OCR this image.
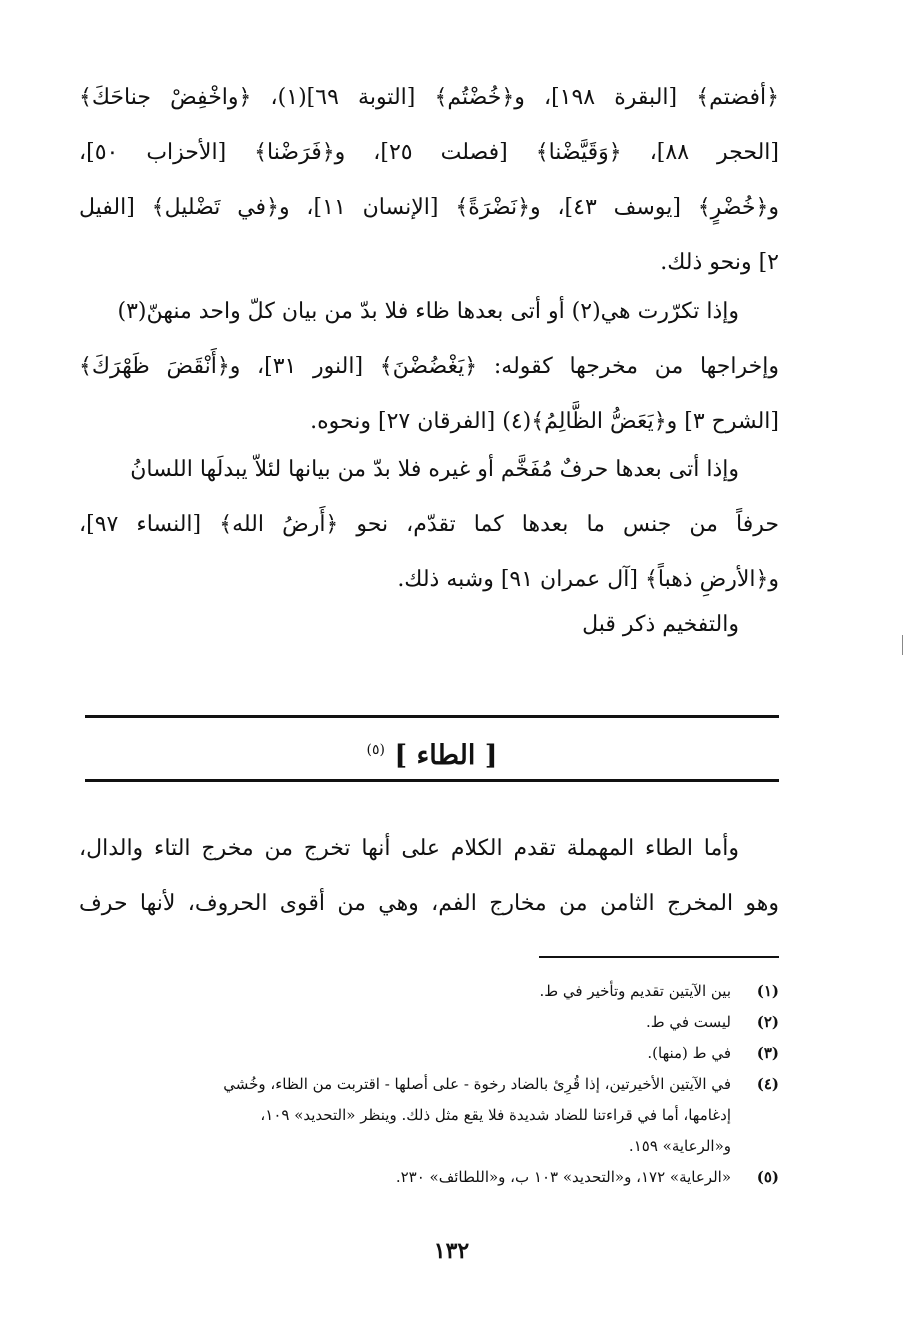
﴿أفضتم﴾ [البقرة ١٩٨]، و﴿خُضْتُم﴾ [التوبة ٦٩](١)، ﴿واخْفِضْ جناحَكَ﴾
[الحجر ٨٨]، ﴿وَقَيَّضْنا﴾ [فصلت ٢٥]، و﴿فَرَضْنا﴾ [الأحزاب ٥٠]،
و﴿خُضْرٍ﴾ [يوسف ٤٣]، و﴿نَضْرَةً﴾ [الإنسان ١١]، و﴿في تَضْليل﴾ [الفيل
٢] ونحو ذلك.
وإذا تكرّرت هي(٢) أو أتى بعدها ظاء فلا بدّ من بيان كلّ واحد منهنّ(٣)
وإخراجها من مخرجها كقوله: ﴿يَغْضُضْنَ﴾ [النور ٣١]، و﴿أَنْقَضَ ظَهْرَكَ﴾
[الشرح ٣] و﴿يَعَضُّ الظَّالِمُ﴾(٤) [الفرقان ٢٧] ونحوه.
وإذا أتى بعدها حرفٌ مُفَخَّم أو غيره فلا بدّ من بيانها لئلاّ يبدلَها اللسانُ
حرفاً من جنس ما بعدها كما تقدّم، نحو ﴿أَرضُ الله﴾ [النساء ٩٧]،
و﴿الأرضِ ذهباً﴾ [آل عمران ٩١] وشبه ذلك.
والتفخيم ذكر قبل
[ الطاء ] $^{(٥)}$
وأما الطاء المهملة تقدم الكلام على أنها تخرج من مخرج التاء والدال،
وهو المخرج الثامن من مخارج الفم، وهي من أقوى الحروف، لأنها حرف
(١)
بين الآيتين تقديم وتأخير في ط.
(٢)
ليست في ط.
(٣)
في ط (منها).
(٤)
في الآيتين الأخيرتين، إذا قُرِئ بالضاد رخوة - على أصلها - اقتربت من الظاء، وخُشي
إدغامها، أما في قراءتنا للضاد شديدة فلا يقع مثل ذلك. وينظر «التحديد» ١٠٩،
و«الرعاية» ١٥٩.
(٥)
«الرعاية» ١٧٢، و«التحديد» ١٠٣ ب، و«اللطائف» ٢٣٠.
١٣٢
